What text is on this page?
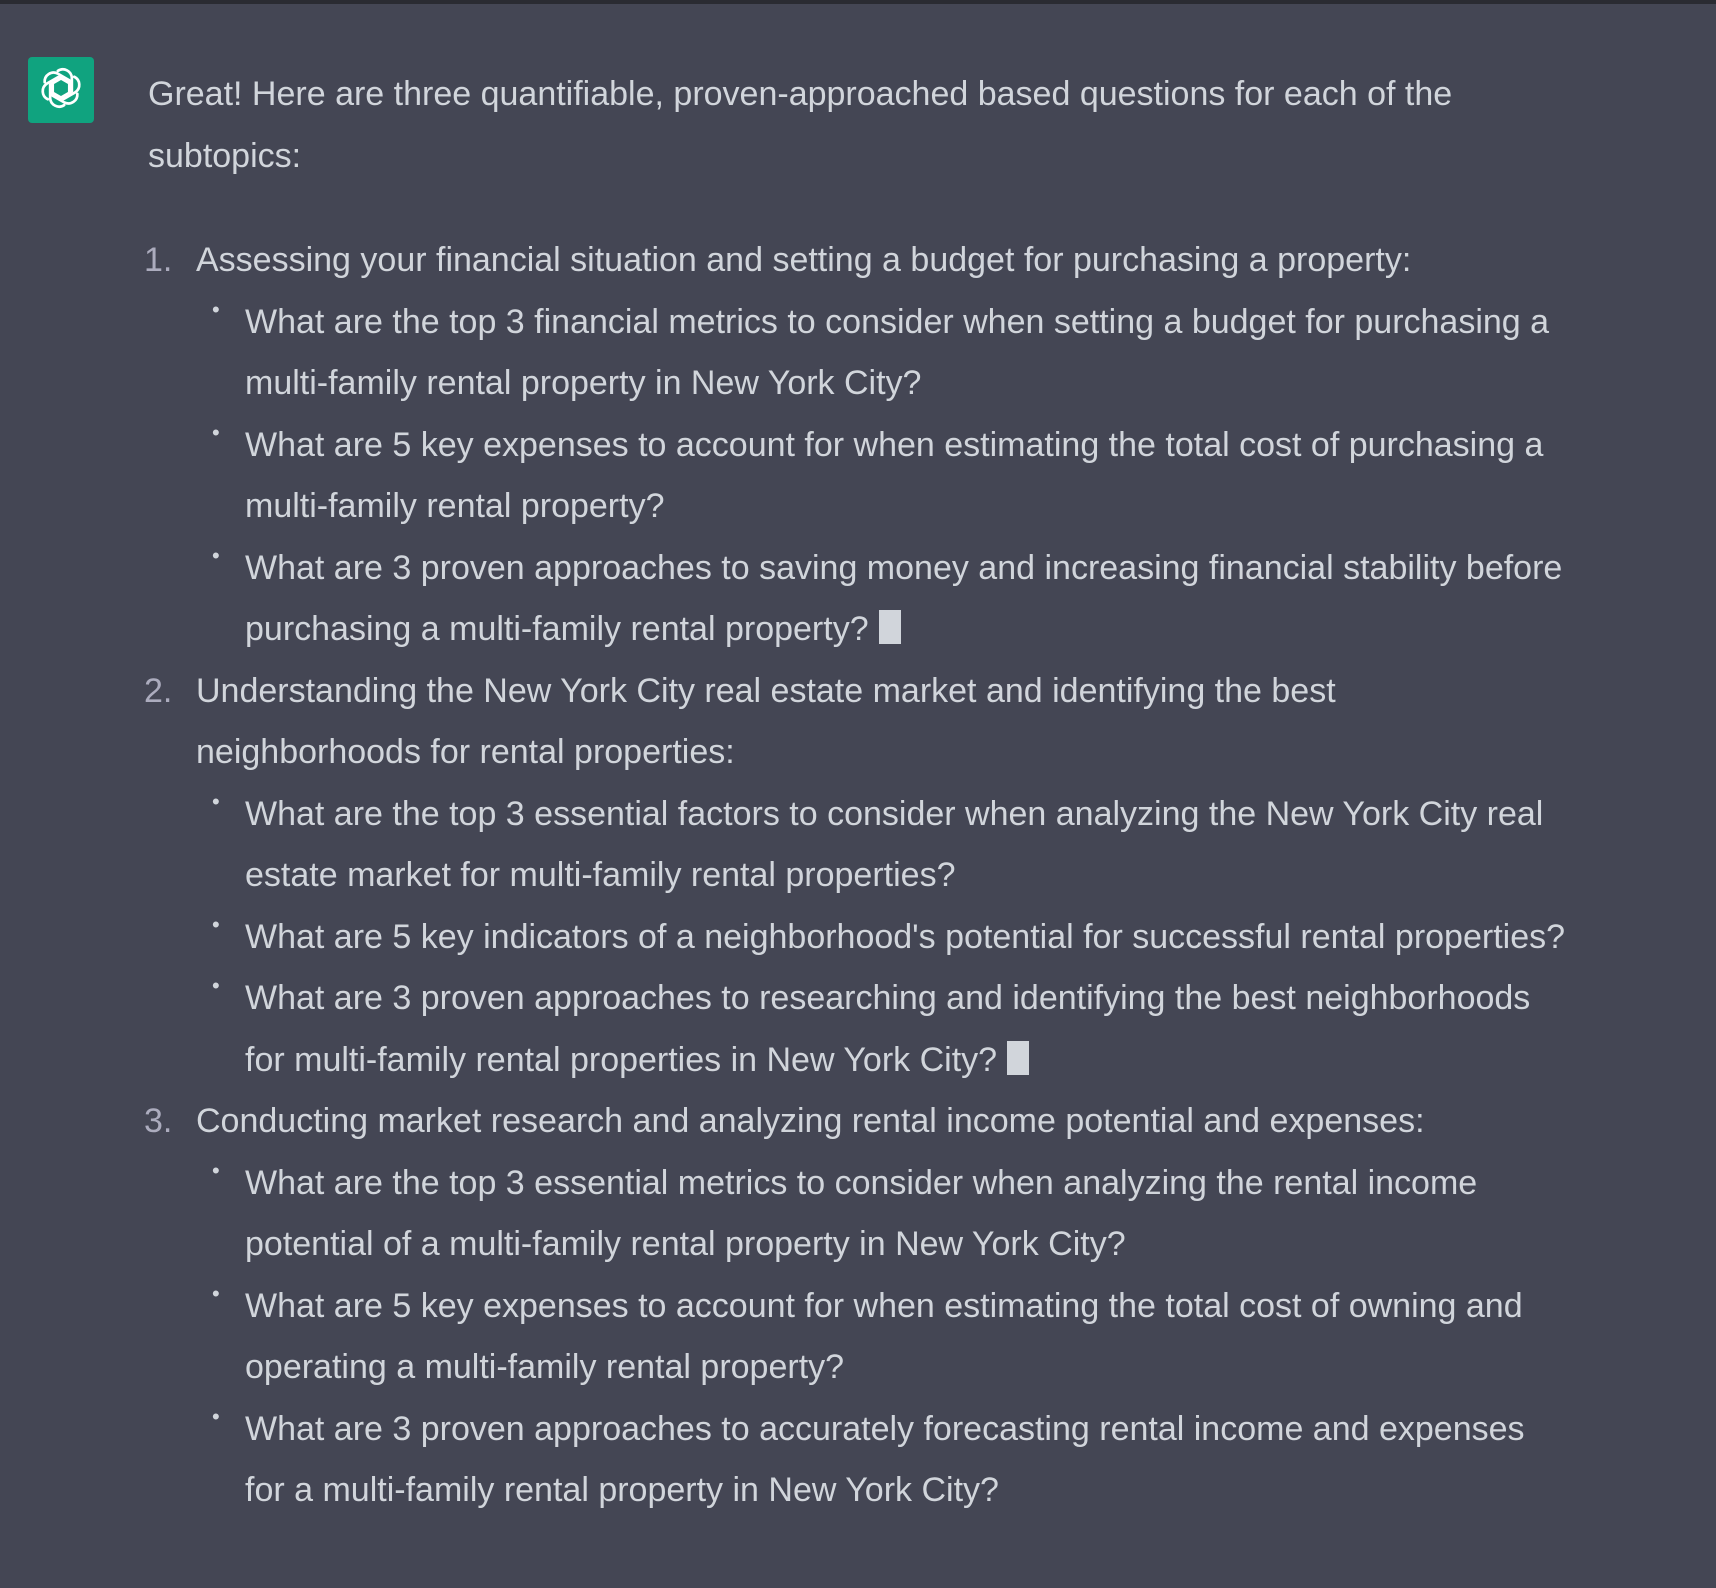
Great! Here are three quantifiable, proven-approached based questions for each of the subtopics:

1. Assessing your financial situation and setting a budget for purchasing a property:
• What are the top 3 financial metrics to consider when setting a budget for purchasing a multi-family rental property in New York City?
• What are 5 key expenses to account for when estimating the total cost of purchasing a multi-family rental property?
• What are 3 proven approaches to saving money and increasing financial stability before purchasing a multi-family rental property?
2. Understanding the New York City real estate market and identifying the best neighborhoods for rental properties:
• What are the top 3 essential factors to consider when analyzing the New York City real estate market for multi-family rental properties?
• What are 5 key indicators of a neighborhood's potential for successful rental properties?
• What are 3 proven approaches to researching and identifying the best neighborhoods for multi-family rental properties in New York City?
3. Conducting market research and analyzing rental income potential and expenses:
• What are the top 3 essential metrics to consider when analyzing the rental income potential of a multi-family rental property in New York City?
• What are 5 key expenses to account for when estimating the total cost of owning and operating a multi-family rental property?
• What are 3 proven approaches to accurately forecasting rental income and expenses for a multi-family rental property in New York City?
